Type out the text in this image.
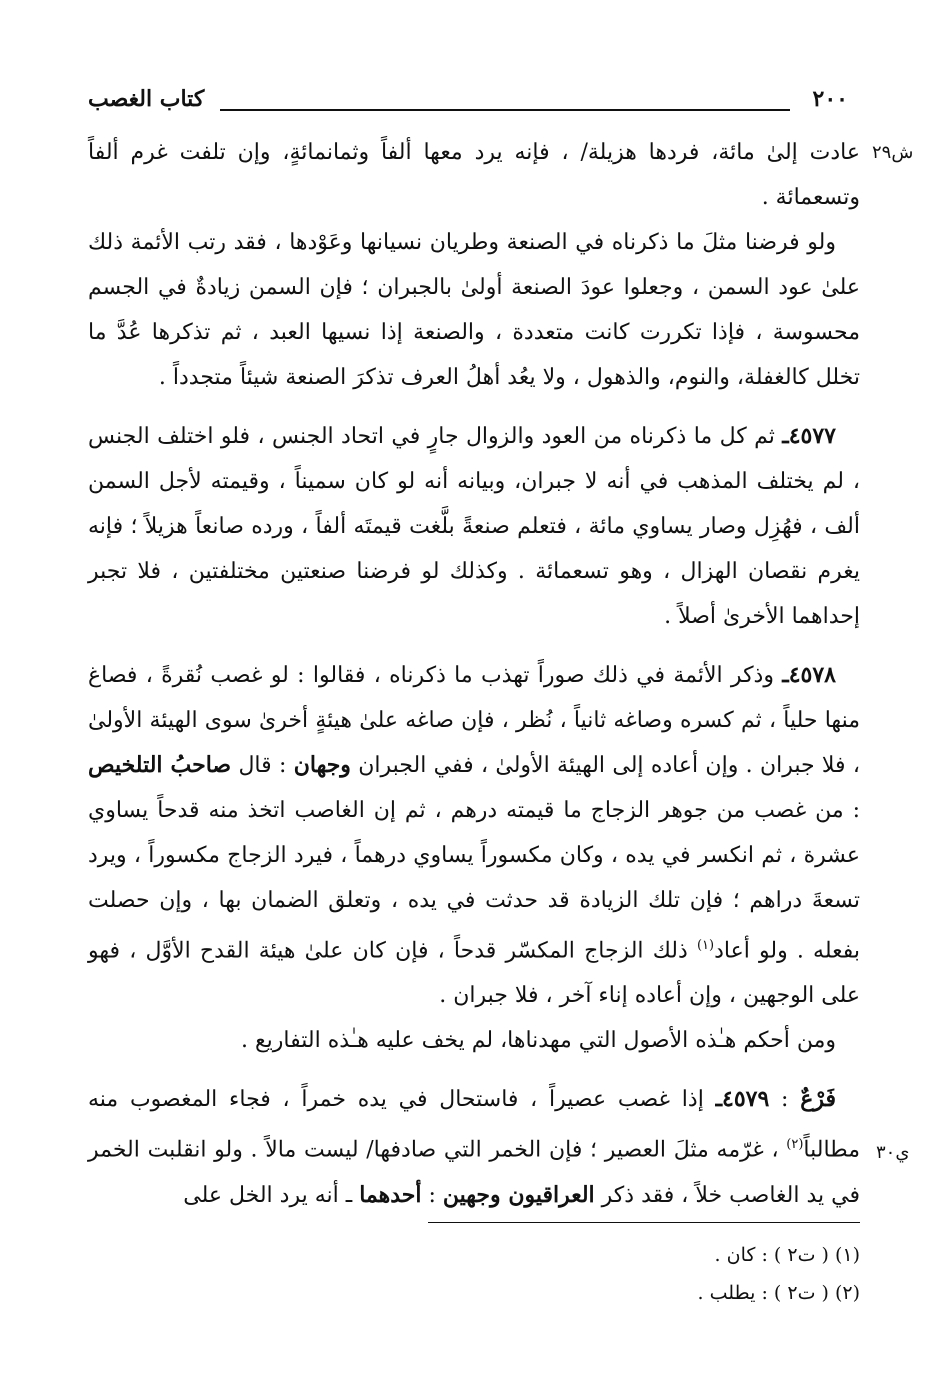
٢٠٠
كتاب الغصب
ش٢٩
ي٣٠

عادت إلىٰ مائة، فردها هزيلة/ ، فإنه يرد معها ألفاً وثمانمائةٍ، وإن تلفت غرم ألفاً وتسعمائة .

ولو فرضنا مثلَ ما ذكرناه في الصنعة وطريان نسيانها وعَوْدها ، فقد رتب الأئمة ذلك علىٰ عود السمن ، وجعلوا عودَ الصنعة أولىٰ بالجبران ؛ فإن السمن زيادةٌ في الجسم محسوسة ، فإذا تكررت كانت متعددة ، والصنعة إذا نسيها العبد ، ثم تذكرها عُدَّ ما تخلل كالغفلة، والنوم، والذهول ، ولا يعُد أهلُ العرف تذكرَ الصنعة شيئاً متجدداً .

٤٥٧٧ـ ثم كل ما ذكرناه من العود والزوال جارٍ في اتحاد الجنس ، فلو اختلف الجنس ، لم يختلف المذهب في أنه لا جبران، وبيانه أنه لو كان سميناً ، وقيمته لأجل السمن ألف ، فهُزِل وصار يساوي مائة ، فتعلم صنعةً بلَّغت قيمتَه ألفاً ، ورده صانعاً هزيلاً ؛ فإنه يغرم نقصان الهزال ، وهو تسعمائة . وكذلك لو فرضنا صنعتين مختلفتين ، فلا تجبر إحداهما الأخرىٰ أصلاً .

٤٥٧٨ـ وذكر الأئمة في ذلك صوراً تهذب ما ذكرناه ، فقالوا : لو غصب نُقرةً ، فصاغ منها حلياً ، ثم كسره وصاغه ثانياً ، نُظر ، فإن صاغه علىٰ هيئةٍ أخرىٰ سوى الهيئة الأولىٰ ، فلا جبران . وإن أعاده إلى الهيئة الأولىٰ ، ففي الجبران وجهان : قال صاحبُ التلخيص : من غصب من جوهر الزجاج ما قيمته درهم ، ثم إن الغاصب اتخذ منه قدحاً يساوي عشرة ، ثم انكسر في يده ، وكان مكسوراً يساوي درهماً ، فيرد الزجاج مكسوراً ، ويرد تسعةَ دراهم ؛ فإن تلك الزيادة قد حدثت في يده ، وتعلق الضمان بها ، وإن حصلت بفعله . ولو أعاد$^{(١)}$ ذلك الزجاج المكسّر قدحاً ، فإن كان علىٰ هيئة القدح الأوَّل ، فهو على الوجهين ، وإن أعاده إناء آخر ، فلا جبران .

ومن أحكم هـٰذه الأصول التي مهدناها، لم يخف عليه هـٰذه التفاريع .

فَرْعٌ : ٤٥٧٩ـ إذا غصب عصيراً ، فاستحال في يده خمراً ، فجاء المغصوب منه مطالباً$^{(٢)}$ ، غرّمه مثلَ العصير ؛ فإن الخمر التي صادفها/ ليست مالاً . ولو انقلبت الخمر في يد الغاصب خلاً ، فقد ذكر العراقيون وجهين : أحدهما ـ أنه يرد الخل على

(١) ( ت٢ ) : كان .

(٢) ( ت٢ ) : يطلب .
